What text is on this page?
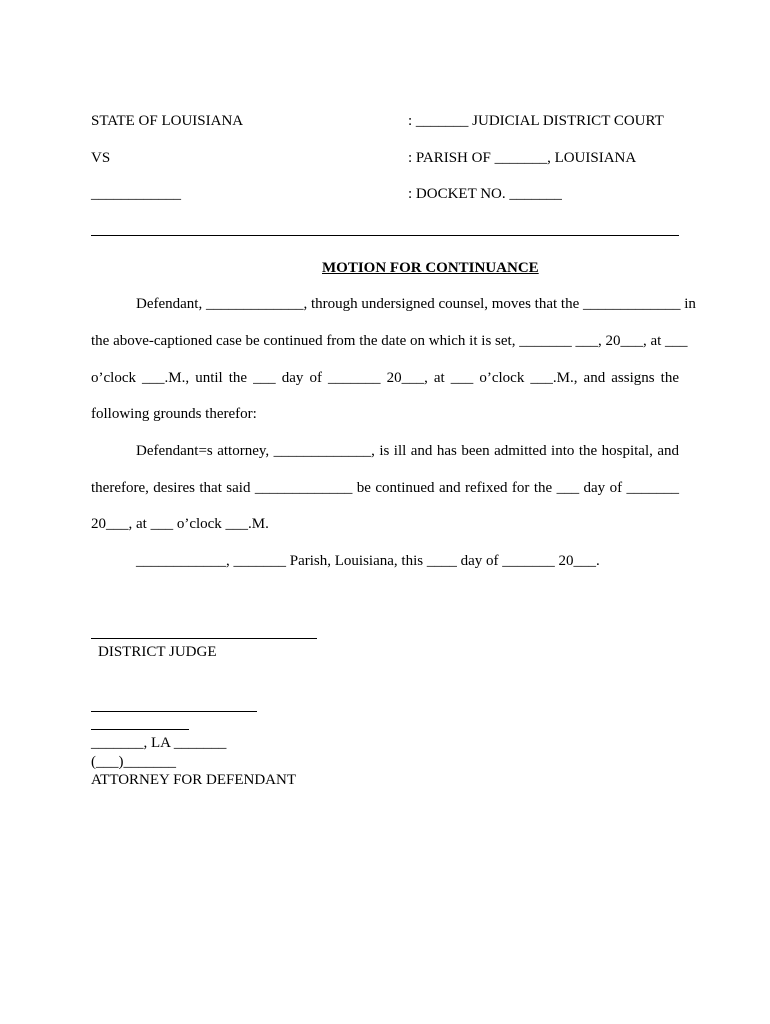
STATE OF LOUISIANA
VS
____________
: _______ JUDICIAL DISTRICT COURT
: PARISH OF _______, LOUISIANA
: DOCKET NO. _______
MOTION FOR CONTINUANCE
Defendant, _____________, through undersigned counsel, moves that the _____________ in
the above-captioned case be continued from the date on which it is set, _______ ___, 20___, at ___
o’clock ___.M., until the ___ day of _______ 20___, at ___ o’clock ___.M., and assigns the
following grounds therefor:
Defendant=s attorney, _____________, is ill and has been admitted into the hospital, and
therefore, desires that said _____________ be continued and refixed for the ___ day of _______
20___, at ___ o’clock ___.M.
____________, _______ Parish, Louisiana, this ____ day of _______ 20___.
DISTRICT JUDGE
_______, LA _______
(___)_______
ATTORNEY FOR DEFENDANT
